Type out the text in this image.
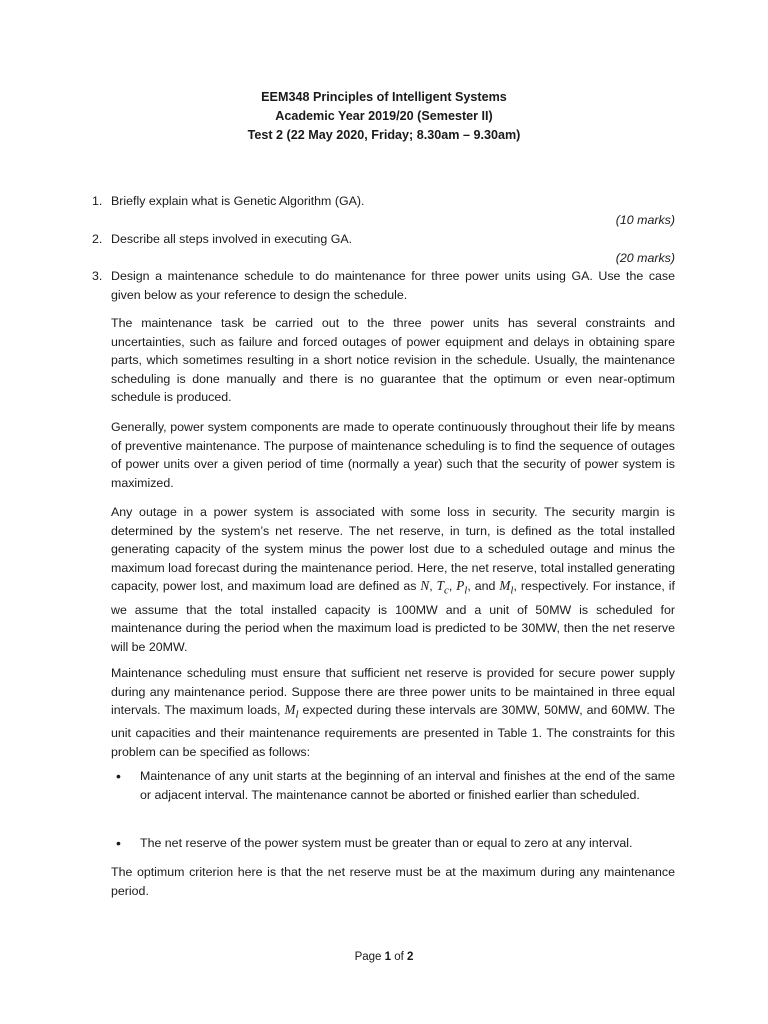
EEM348 Principles of Intelligent Systems
Academic Year 2019/20 (Semester II)
Test 2 (22 May 2020, Friday; 8.30am – 9.30am)
1. Briefly explain what is Genetic Algorithm (GA).
(10 marks)
2. Describe all steps involved in executing GA.
(20 marks)
3. Design a maintenance schedule to do maintenance for three power units using GA. Use the case given below as your reference to design the schedule.
The maintenance task be carried out to the three power units has several constraints and uncertainties, such as failure and forced outages of power equipment and delays in obtaining spare parts, which sometimes resulting in a short notice revision in the schedule. Usually, the maintenance scheduling is done manually and there is no guarantee that the optimum or even near-optimum schedule is produced.
Generally, power system components are made to operate continuously throughout their life by means of preventive maintenance. The purpose of maintenance scheduling is to find the sequence of outages of power units over a given period of time (normally a year) such that the security of power system is maximized.
Any outage in a power system is associated with some loss in security. The security margin is determined by the system’s net reserve. The net reserve, in turn, is defined as the total installed generating capacity of the system minus the power lost due to a scheduled outage and minus the maximum load forecast during the maintenance period. Here, the net reserve, total installed generating capacity, power lost, and maximum load are defined as N, $T_c$, $P_l$, and $M_l$, respectively. For instance, if we assume that the total installed capacity is 100MW and a unit of 50MW is scheduled for maintenance during the period when the maximum load is predicted to be 30MW, then the net reserve will be 20MW.
Maintenance scheduling must ensure that sufficient net reserve is provided for secure power supply during any maintenance period. Suppose there are three power units to be maintained in three equal intervals. The maximum loads, $M_l$ expected during these intervals are 30MW, 50MW, and 60MW. The unit capacities and their maintenance requirements are presented in Table 1. The constraints for this problem can be specified as follows:
• Maintenance of any unit starts at the beginning of an interval and finishes at the end of the same or adjacent interval. The maintenance cannot be aborted or finished earlier than scheduled.
• The net reserve of the power system must be greater than or equal to zero at any interval.
The optimum criterion here is that the net reserve must be at the maximum during any maintenance period.
Page 1 of 2
